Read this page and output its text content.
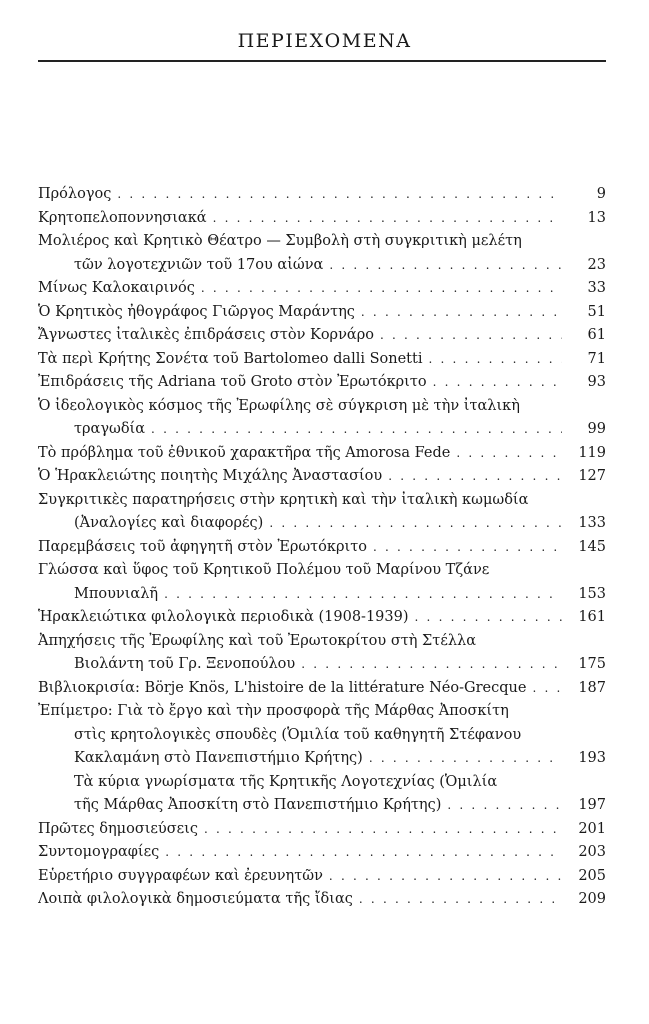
ΠΕΡΙΕΧΟΜΕΝΑ
Πρόλογος . . .	9
Κρητοπελοποννησιακά . . .	13
Μολιέρος καὶ Κρητικὸ Θέατρο — Συμβολὴ στὴ συγκριτικὴ μελέτη
τῶν λογοτεχνιῶν τοῦ 17ου αἰώνα . . .	23
Μίνως Καλοκαιρινός . . .	33
Ὁ Κρητικὸς ἠθογράφος Γιῶργος Μαράντης . . .	51
Ἄγνωστες ἰταλικὲς ἐπιδράσεις στὸν Κορνάρο . . .	61
Τὰ περὶ Κρήτης Σονέτα τοῦ Bartolomeo dalli Sonetti . . .	71
Ἐπιδράσεις τῆς Adriana τοῦ Groto στὸν Ἐρωτόκριτο . . .	93
Ὁ ἰδεολογικὸς κόσμος τῆς Ἐρωφίλης σὲ σύγκριση μὲ τὴν ἰταλικὴ
τραγωδία . . .	99
Τὸ πρόβλημα τοῦ ἐθνικοῦ χαρακτῆρα τῆς Amorosa Fede . . .	119
Ὁ Ἡρακλειώτης ποιητὴς Μιχάλης Ἀναστασίου . . .	127
Συγκριτικὲς παρατηρήσεις στὴν κρητικὴ καὶ τὴν ἰταλικὴ κωμωδία
(Ἀναλογίες καὶ διαφορές) . . .	133
Παρεμβάσεις τοῦ ἀφηγητῆ στὸν Ἐρωτόκριτο . . .	145
Γλώσσα καὶ ὕφος τοῦ Κρητικοῦ Πολέμου τοῦ Μαρίνου Τζάνε
Μπουνιαλῆ . . .	153
Ἡρακλειώτικα φιλολογικὰ περιοδικὰ (1908-1939) . . .	161
Ἀπηχήσεις τῆς Ἐρωφίλης καὶ τοῦ Ἐρωτοκρίτου στὴ Στέλλα
Βιολάντη τοῦ Γρ. Ξενοπούλου . . .	175
Βιβλιοκρισία: Börje Knös, L'histoire de la littérature Néo-Grecque . . .	187
Ἐπίμετρο: Γιὰ τὸ ἔργο καὶ τὴν προσφορὰ τῆς Μάρθας Ἀποσκίτη
στὶς κρητολογικὲς σπουδὲς (Ὁμιλία τοῦ καθηγητῆ Στέφανου
Κακλαμάνη στὸ Πανεπιστήμιο Κρήτης) . . .	193
Τὰ κύρια γνωρίσματα τῆς Κρητικῆς Λογοτεχνίας (Ὁμιλία
τῆς Μάρθας Ἀποσκίτη στὸ Πανεπιστήμιο Κρήτης) . . .	197
Πρῶτες δημοσιεύσεις . . .	201
Συντομογραφίες . . .	203
Εὑρετήριο συγγραφέων καὶ ἐρευνητῶν . . .	205
Λοιπὰ φιλολογικὰ δημοσιεύματα τῆς ἴδιας . . .	209
